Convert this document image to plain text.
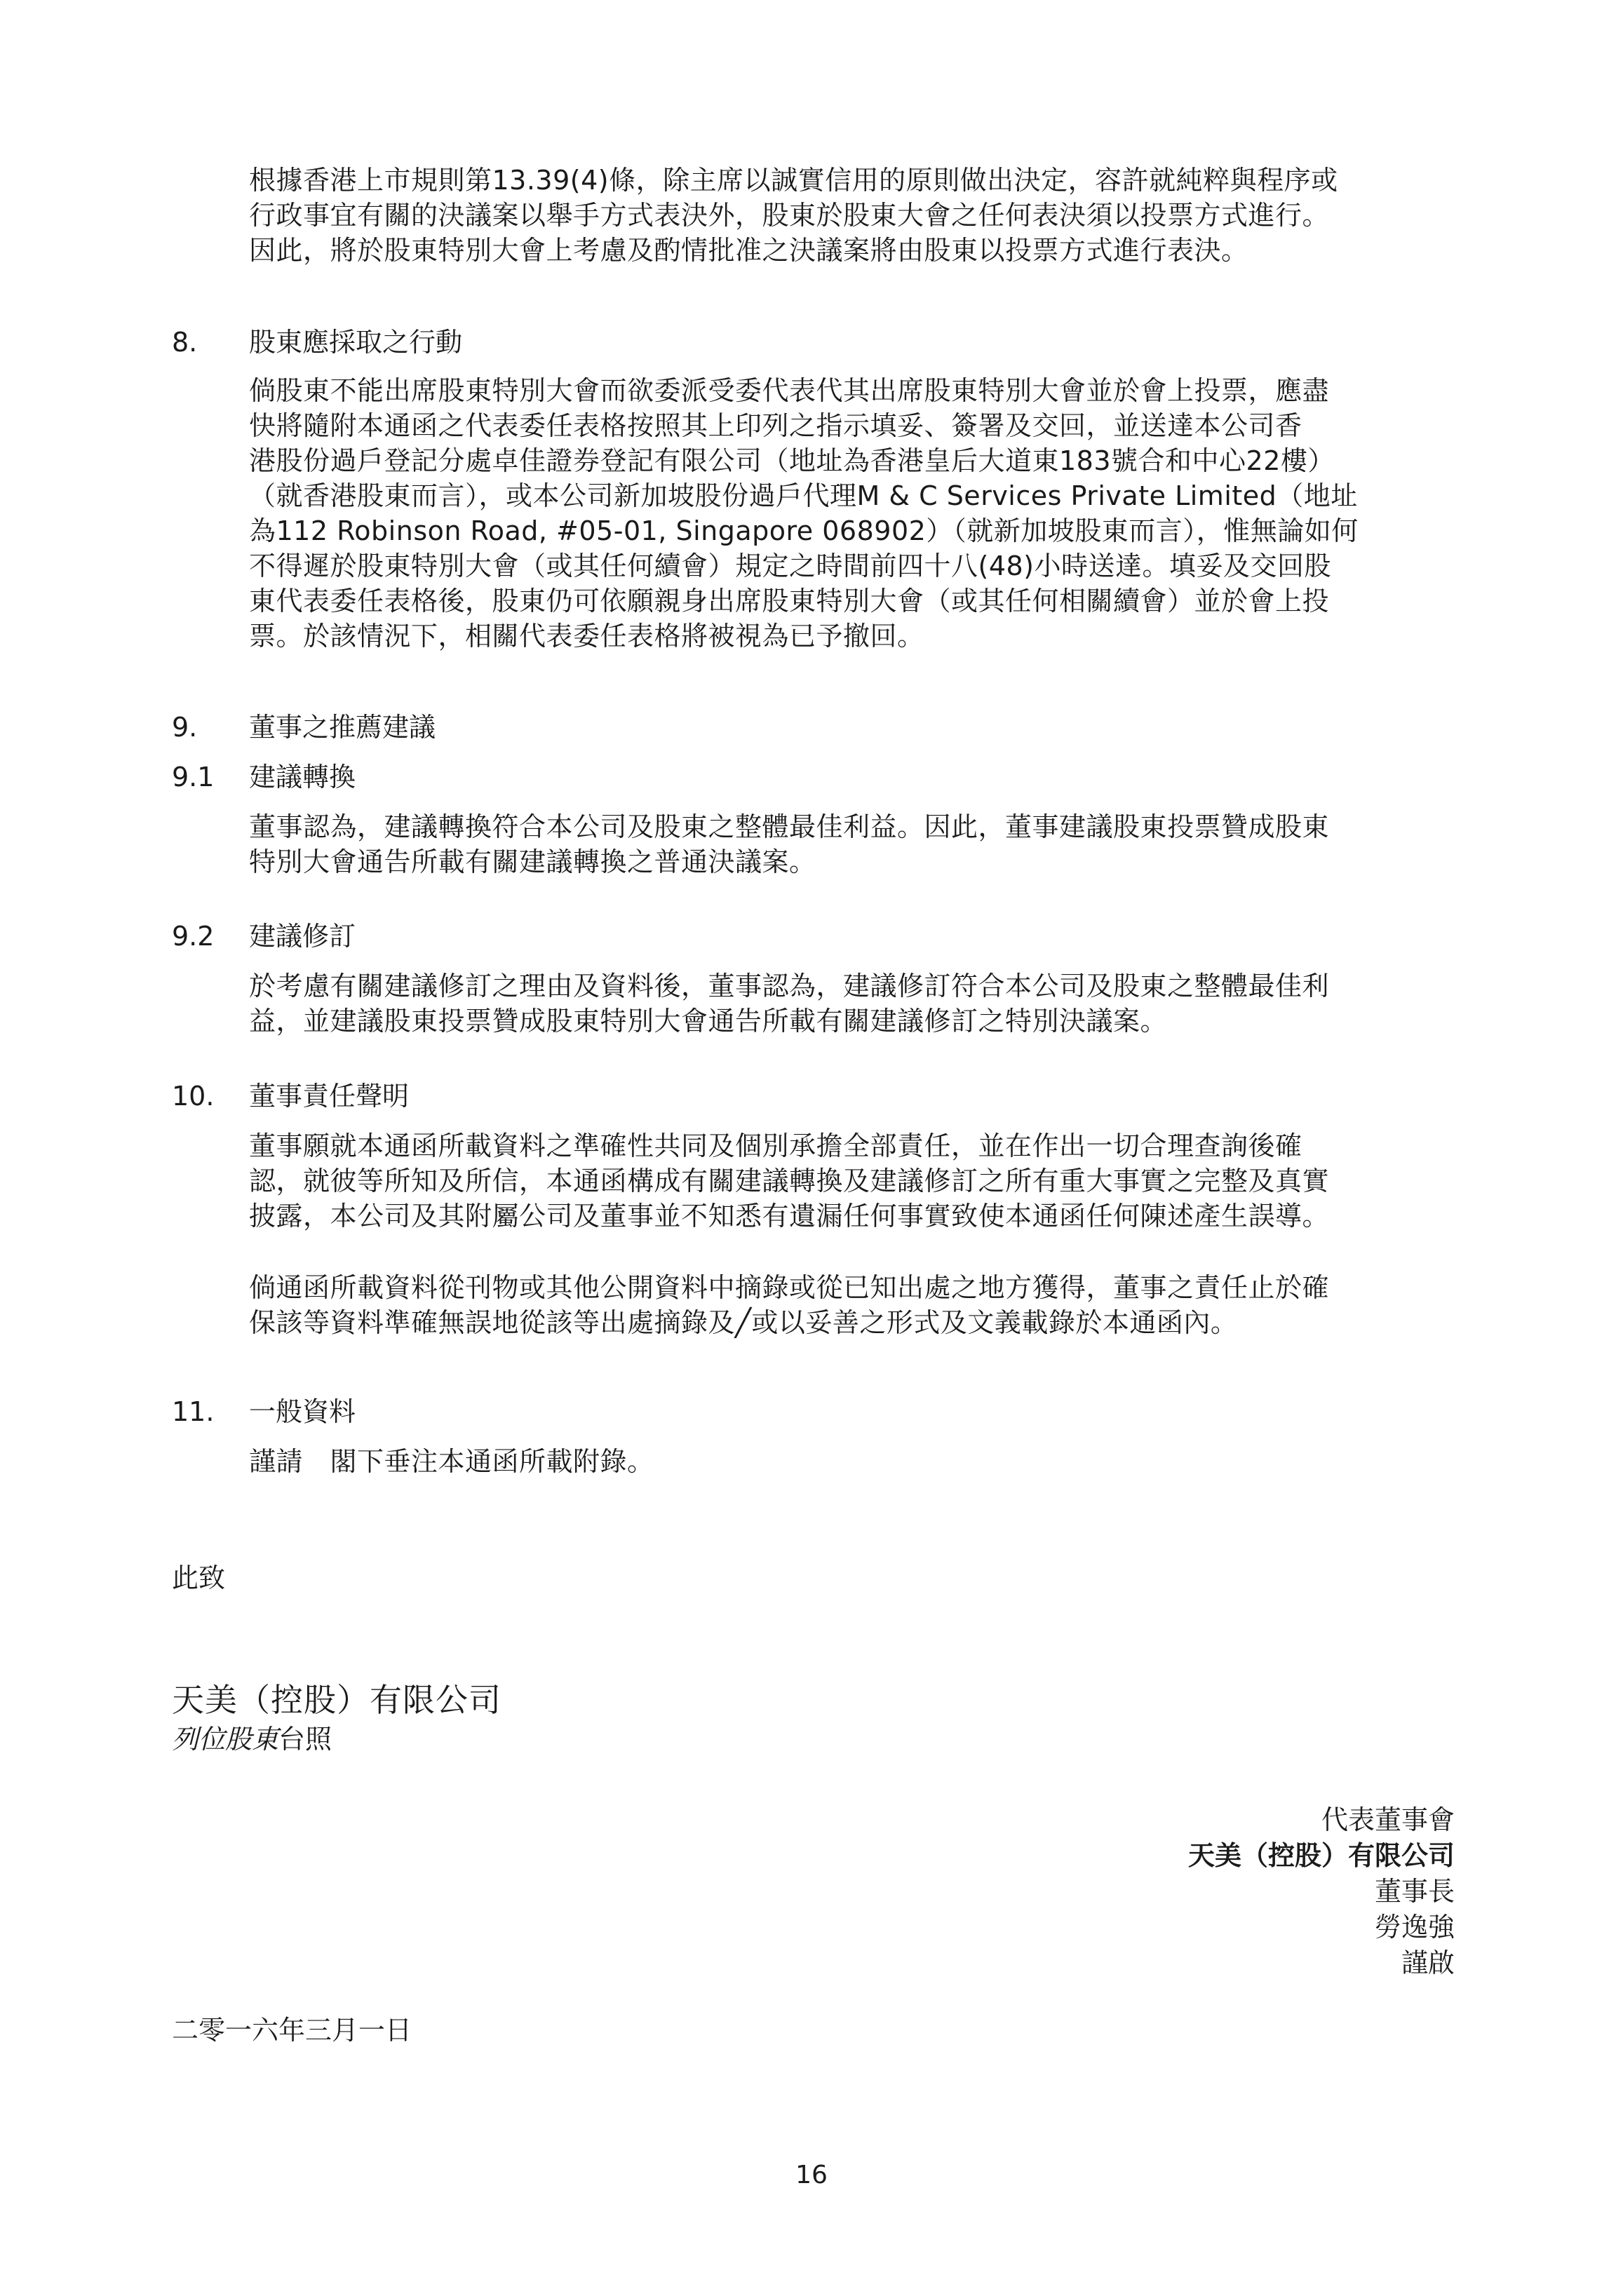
根據香港上市規則第13.39(4)條，除主席以誠實信用的原則做出決定，容許就純粹與程序或
行政事宜有關的決議案以舉手方式表決外，股東於股東大會之任何表決須以投票方式進行。
因此，將於股東特別大會上考慮及酌情批准之決議案將由股東以投票方式進行表決。
8. 股東應採取之行動
倘股東不能出席股東特別大會而欲委派受委代表代其出席股東特別大會並於會上投票，應盡
快將隨附本通函之代表委任表格按照其上印列之指示填妥、簽署及交回，並送達本公司香
港股份過戶登記分處卓佳證券登記有限公司（地址為香港皇后大道東183號合和中心22樓）
（就香港股東而言），或本公司新加坡股份過戶代理M & C Services Private Limited（地址
為112 Robinson Road, #05-01, Singapore 068902）（就新加坡股東而言），惟無論如何
不得遲於股東特別大會（或其任何續會）規定之時間前四十八(48)小時送達。填妥及交回股
東代表委任表格後，股東仍可依願親身出席股東特別大會（或其任何相關續會）並於會上投
票。於該情況下，相關代表委任表格將被視為已予撤回。
9. 董事之推薦建議
9.1 建議轉換
董事認為，建議轉換符合本公司及股東之整體最佳利益。因此，董事建議股東投票贊成股東
特別大會通告所載有關建議轉換之普通決議案。
9.2 建議修訂
於考慮有關建議修訂之理由及資料後，董事認為，建議修訂符合本公司及股東之整體最佳利
益，並建議股東投票贊成股東特別大會通告所載有關建議修訂之特別決議案。
10. 董事責任聲明
董事願就本通函所載資料之準確性共同及個別承擔全部責任，並在作出一切合理查詢後確
認，就彼等所知及所信，本通函構成有關建議轉換及建議修訂之所有重大事實之完整及真實
披露，本公司及其附屬公司及董事並不知悉有遺漏任何事實致使本通函任何陳述產生誤導。
倘通函所載資料從刊物或其他公開資料中摘錄或從已知出處之地方獲得，董事之責任止於確
保該等資料準確無誤地從該等出處摘錄及╱或以妥善之形式及文義載錄於本通函內。
11. 一般資料
謹請　閣下垂注本通函所載附錄。
此致
天美（控股）有限公司
列位股東台照
代表董事會
天美（控股）有限公司
董事長
勞逸強
謹啟
二零一六年三月一日
16
